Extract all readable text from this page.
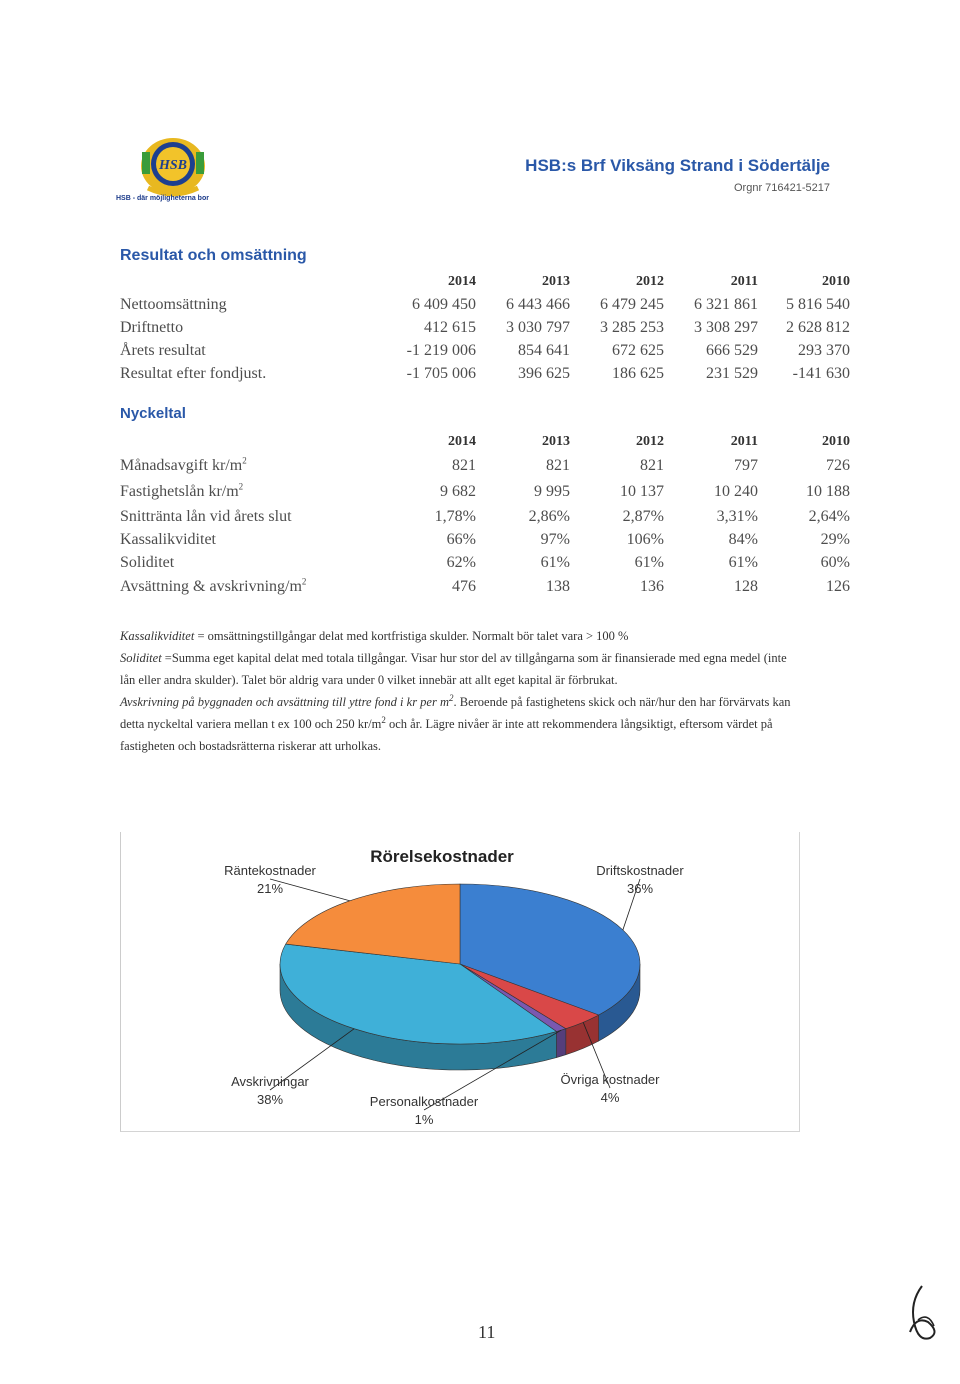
HSB
HSB - där möjligheterna bor
HSB:s Brf Viksäng Strand i Södertälje
Orgnr 716421-5217
Resultat och omsättning
	2014	2013	2012	2011	2010
Nettoomsättning	6 409 450	6 443 466	6 479 245	6 321 861	5 816 540
Driftnetto	412 615	3 030 797	3 285 253	3 308 297	2 628 812
Årets resultat	-1 219 006	854 641	672 625	666 529	293 370
Resultat efter fondjust.	-1 705 006	396 625	186 625	231 529	-141 630
Nyckeltal
	2014	2013	2012	2011	2010
Månadsavgift $kr/m^2$	821	821	821	797	726
Fastighetslån $kr/m^2$	9 682	9 995	10 137	10 240	10 188
Snittränta lån vid årets slut	1,78%	2,86%	2,87%	3,31%	2,64%
Kassalikviditet	66%	97%	106%	84%	29%
Soliditet	62%	61%	61%	61%	60%
Avsättning & avskrivning/$m^2$	476	138	136	128	126

Kassalikviditet = omsättningstillgångar delat med kortfristiga skulder. Normalt bör talet vara > 100 %

Soliditet =Summa eget kapital delat med totala tillgångar. Visar hur stor del av tillgångarna som är finansierade med egna medel (inte lån eller andra skulder). Talet bör aldrig vara under 0 vilket innebär att allt eget kapital är förbrukat.

Avskrivning på byggnaden och avsättning till yttre fond i kr per $m^2$. Beroende på fastighetens skick och när/hur den har förvärvats kan detta nyckeltal variera mellan t ex 100 och 250 $kr/m^2$ och år. Lägre nivåer är inte att rekommendera långsiktigt, eftersom värdet på fastigheten och bostadsrätterna riskerar att urholkas.

Rörelsekostnader
Driftskostnader
36%
Övriga kostnader
4%
Personalkostnader
1%
Avskrivningar
38%
Räntekostnader
21%
11
